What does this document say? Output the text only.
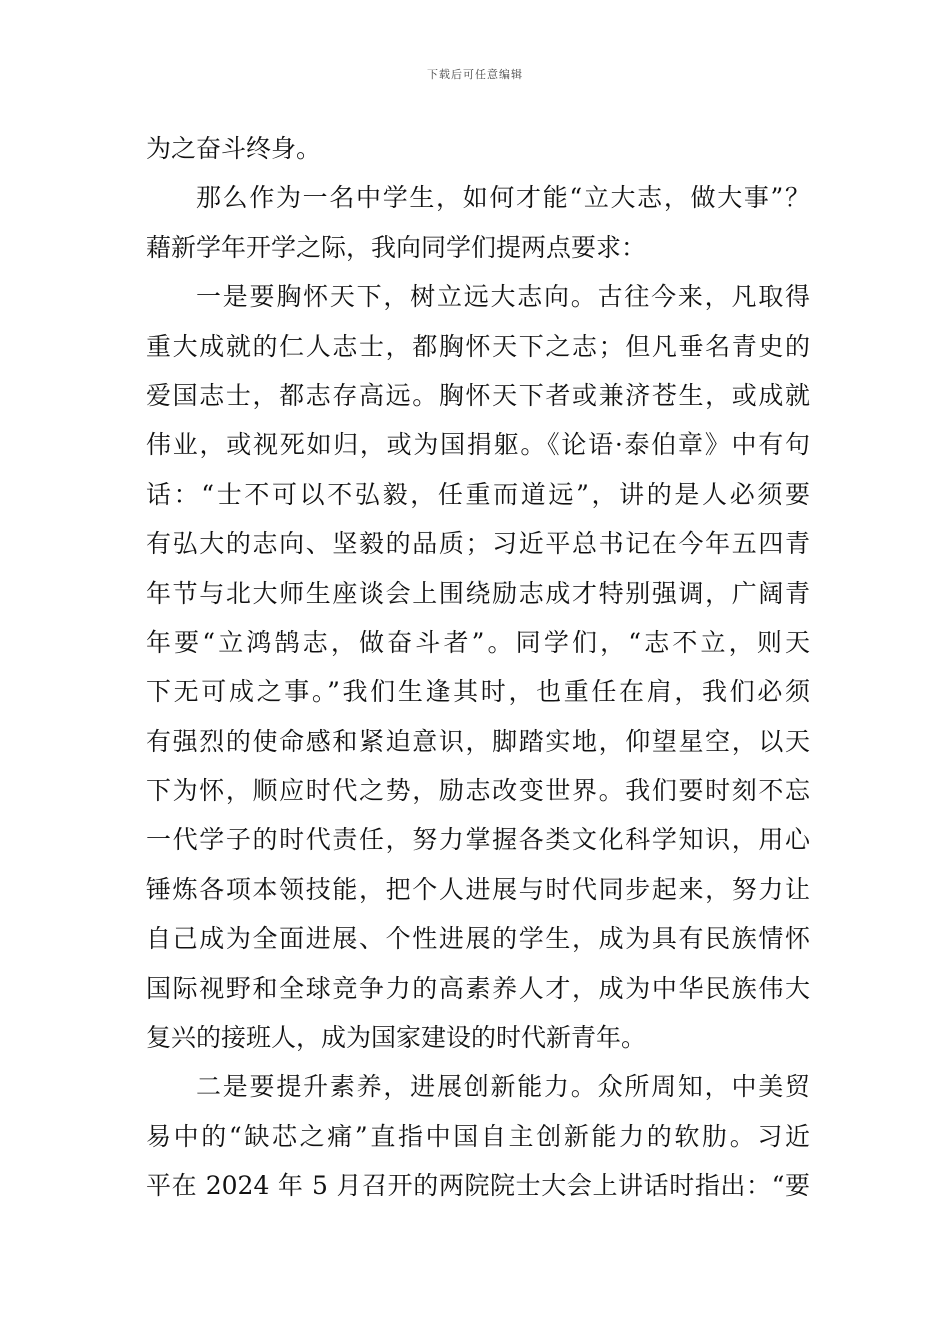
下载后可任意编辑
为之奋斗终身。
那么作为一名中学生，如何才能“立大志，做大事”？
藉新学年开学之际，我向同学们提两点要求：
一是要胸怀天下，树立远大志向。古往今来，凡取得
重大成就的仁人志士，都胸怀天下之志；但凡垂名青史的
爱国志士，都志存高远。胸怀天下者或兼济苍生，或成就
伟业，或视死如归，或为国捐躯。《论语·泰伯章》中有句
话：“士不可以不弘毅，任重而道远”，讲的是人必须要
有弘大的志向、坚毅的品质；习近平总书记在今年五四青
年节与北大师生座谈会上围绕励志成才特别强调，广阔青
年要“立鸿鹄志，做奋斗者”。同学们，“志不立，则天
下无可成之事。”我们生逢其时，也重任在肩，我们必须
有强烈的使命感和紧迫意识，脚踏实地，仰望星空，以天
下为怀，顺应时代之势，励志改变世界。我们要时刻不忘
一代学子的时代责任，努力掌握各类文化科学知识，用心
锤炼各项本领技能，把个人进展与时代同步起来，努力让
自己成为全面进展、个性进展的学生，成为具有民族情怀
国际视野和全球竞争力的高素养人才，成为中华民族伟大
复兴的接班人，成为国家建设的时代新青年。
二是要提升素养，进展创新能力。众所周知，中美贸
易中的“缺芯之痛”直指中国自主创新能力的软肋。习近
平在 2024 年 5 月召开的两院院士大会上讲话时指出：“要
